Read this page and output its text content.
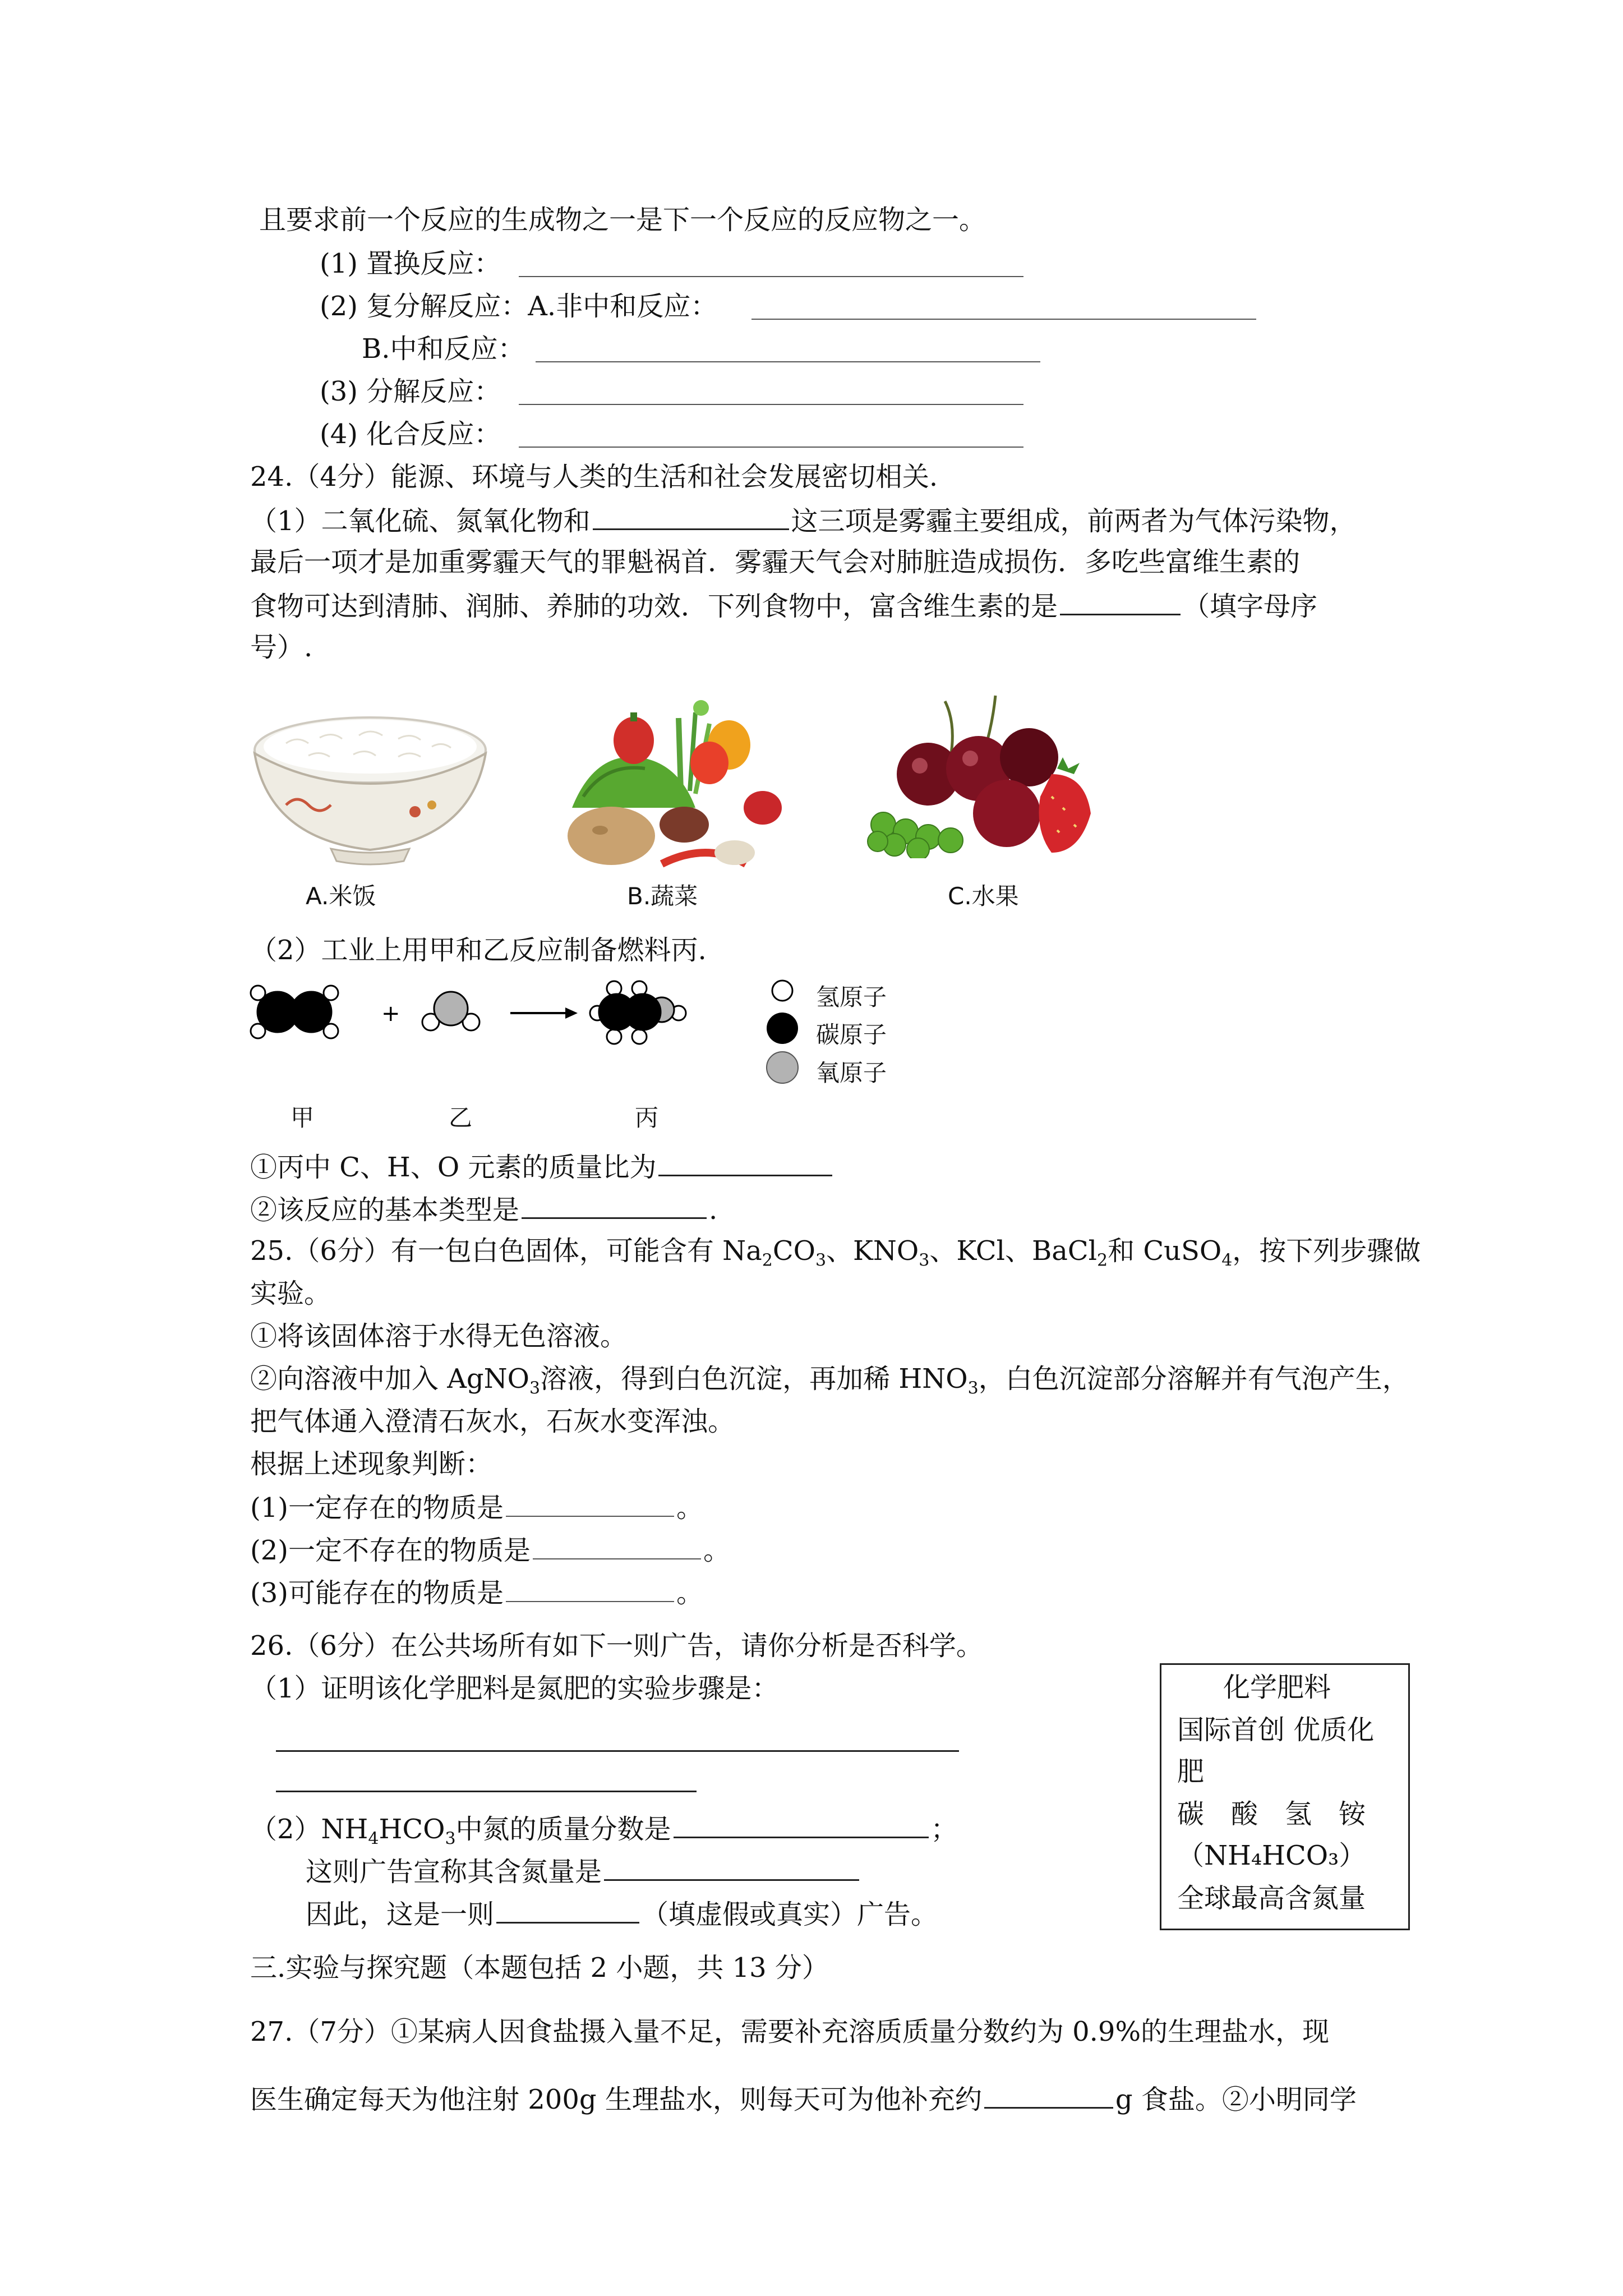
且要求前一个反应的生成物之一是下一个反应的反应物之一。
(1) 置换反应：
(2) 复分解反应：A.非中和反应：
B.中和反应：
(3) 分解反应：
(4) 化合反应：
24.（4分）能源、环境与人类的生活和社会发展密切相关.
（1）二氧化硫、氮氧化物和	这三项是雾霾主要组成，前两者为气体污染物，
最后一项才是加重雾霾天气的罪魁祸首．雾霾天气会对肺脏造成损伤．多吃些富维生素的
食物可达到清肺、润肺、养肺的功效．下列食物中，富含维生素的是	（填字母序
号）.
A.米饭	B.蔬菜	C.水果
（2）工业上用甲和乙反应制备燃料丙.
+
氢原子
碳原子
氧原子
甲	乙	丙
①丙中 C、H、O 元素的质量比为
②该反应的基本类型是	.
25.（6分）有一包白色固体，可能含有 $Na_2CO_3$、$KNO_3$、KCl、BaCl$_2$和 CuSO$_4$，按下列步骤做
实验。
①将该固体溶于水得无色溶液。
②向溶液中加入 AgNO$_3$溶液，得到白色沉淀，再加稀 $HNO_3$，白色沉淀部分溶解并有气泡产生，
把气体通入澄清石灰水，石灰水变浑浊。
根据上述现象判断：
(1)一定存在的物质是	。
(2)一定不存在的物质是	。
(3)可能存在的物质是	。
26.（6分）在公共场所有如下一则广告，请你分析是否科学。
（1）证明该化学肥料是氮肥的实验步骤是：
$(2)NH_4HCO_3$中氮的质量分数是	；
这则广告宣称其含氮量是
因此，这是一则	（填虚假或真实）广告。
化学肥料
国际首创 优质化
肥
碳　酸　氢　铵
（NH₄HCO₃）
全球最高含氮量
三.实验与探究题（本题包括 2 小题，共 13 分）
27.（7分）①某病人因食盐摄入量不足，需要补充溶质质量分数约为 0.9%的生理盐水，现
医生确定每天为他注射 200g 生理盐水，则每天可为他补充约	g 食盐。②小明同学
